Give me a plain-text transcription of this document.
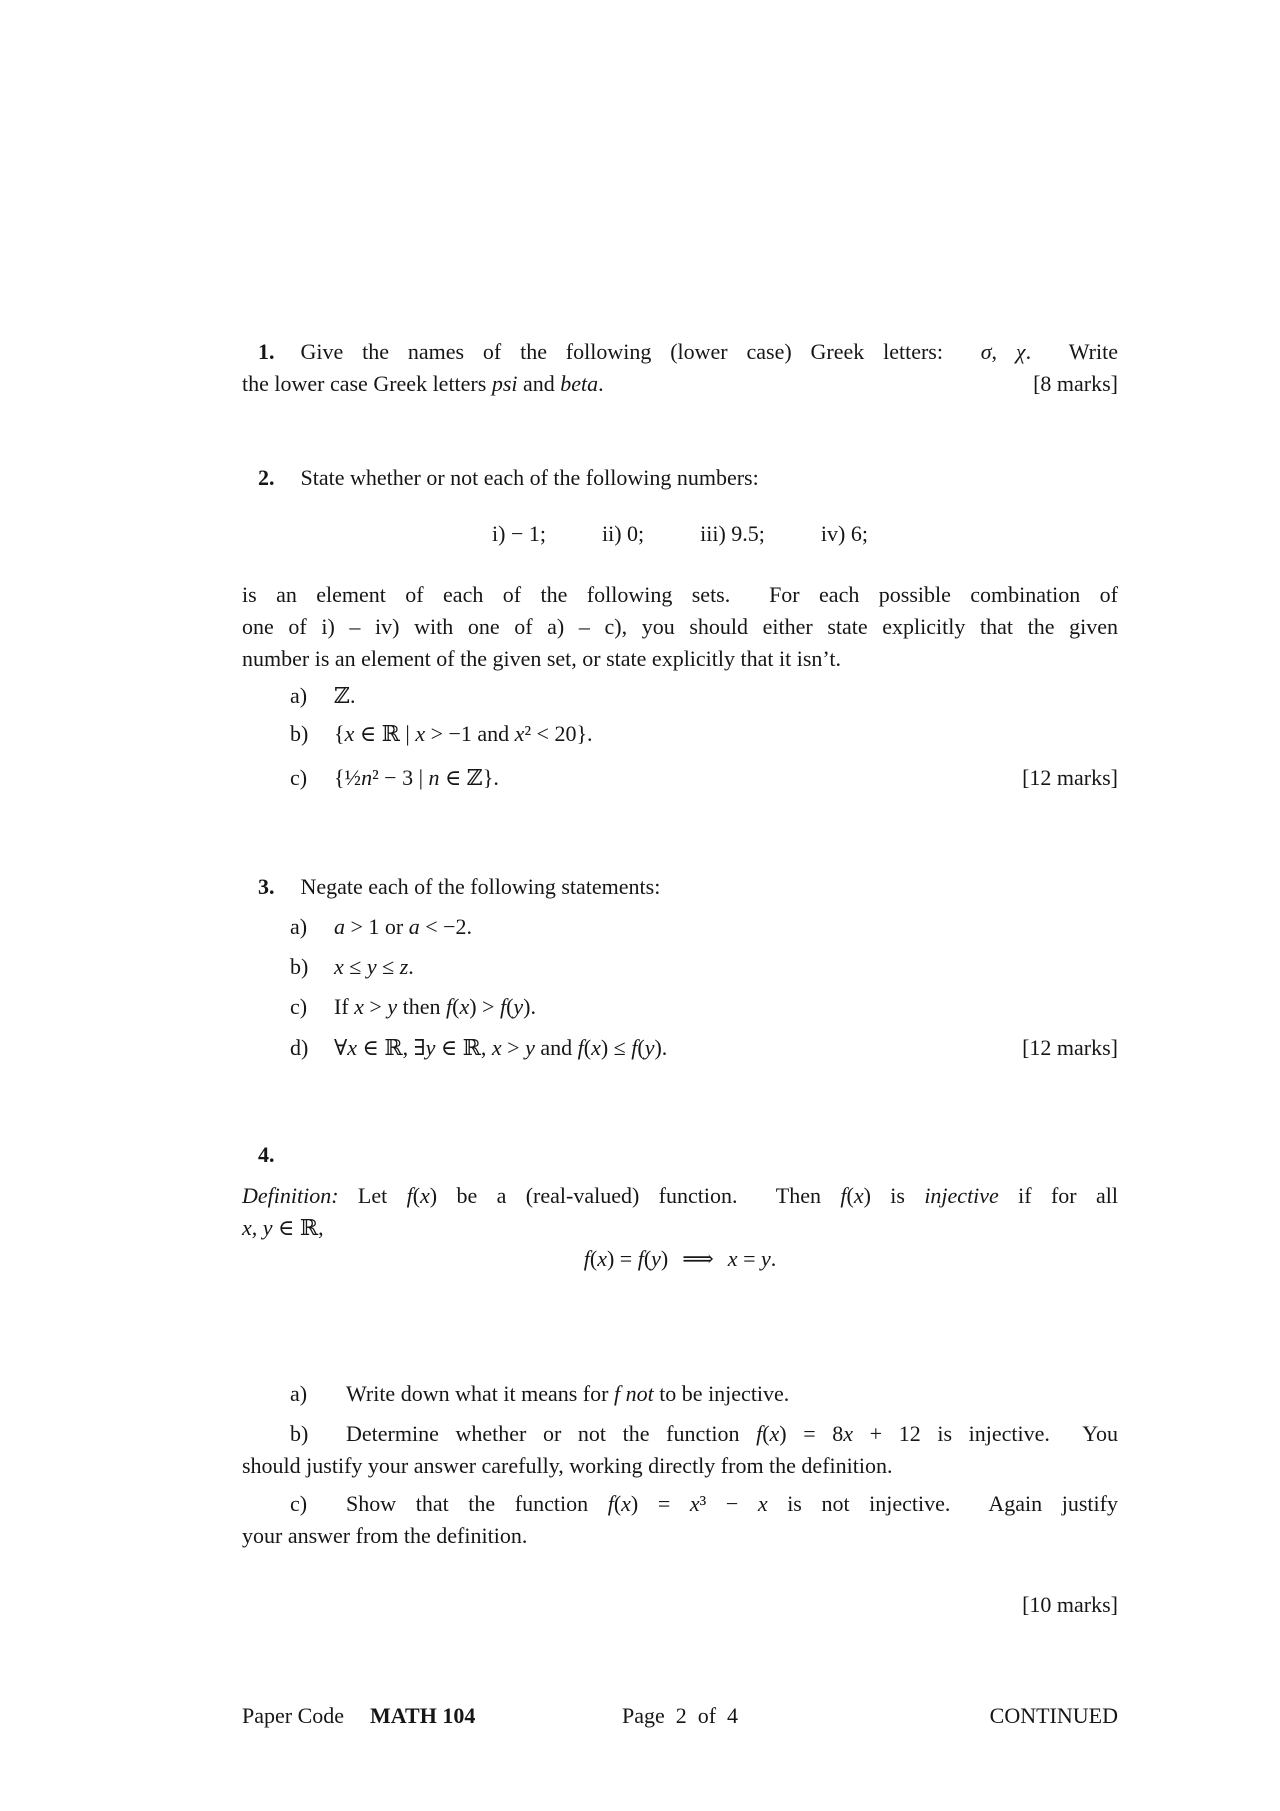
1. Give the names of the following (lower case) Greek letters:  σ, χ.  Write
the lower case Greek letters psi and beta.	[8 marks]
2. State whether or not each of the following numbers:
i) − 1;	ii) 0;	iii) 9.5;	iv) 6;
is an element of each of the following sets.  For each possible combination of
one of i) – iv) with one of a) – c), you should either state explicitly that the given
number is an element of the given set, or state explicitly that it isn’t.
a)	ℤ.
b)	{x ∈ ℝ | x > −1 and x² < 20}.
c)	{½n² − 3 | n ∈ ℤ}.	[12 marks]
3. Negate each of the following statements:
a)	a > 1 or a < −2.
b)	x ≤ y ≤ z.
c)	If x > y then f(x) > f(y).
d)	∀x ∈ ℝ, ∃y ∈ ℝ, x > y and f(x) ≤ f(y).	[12 marks]
4.
Definition: Let f(x) be a (real-valued) function.  Then f(x) is injective if for all
x, y ∈ ℝ,
f(x) = f(y) ⟹ x = y.
a)	Write down what it means for f not to be injective.
b)	Determine whether or not the function f(x) = 8x + 12 is injective.  You
should justify your answer carefully, working directly from the definition.
c)	Show that the function f(x) = x³ − x is not injective.  Again justify
your answer from the definition.
[10 marks]
Paper Code MATH 104	Page  2  of  4	CONTINUED
